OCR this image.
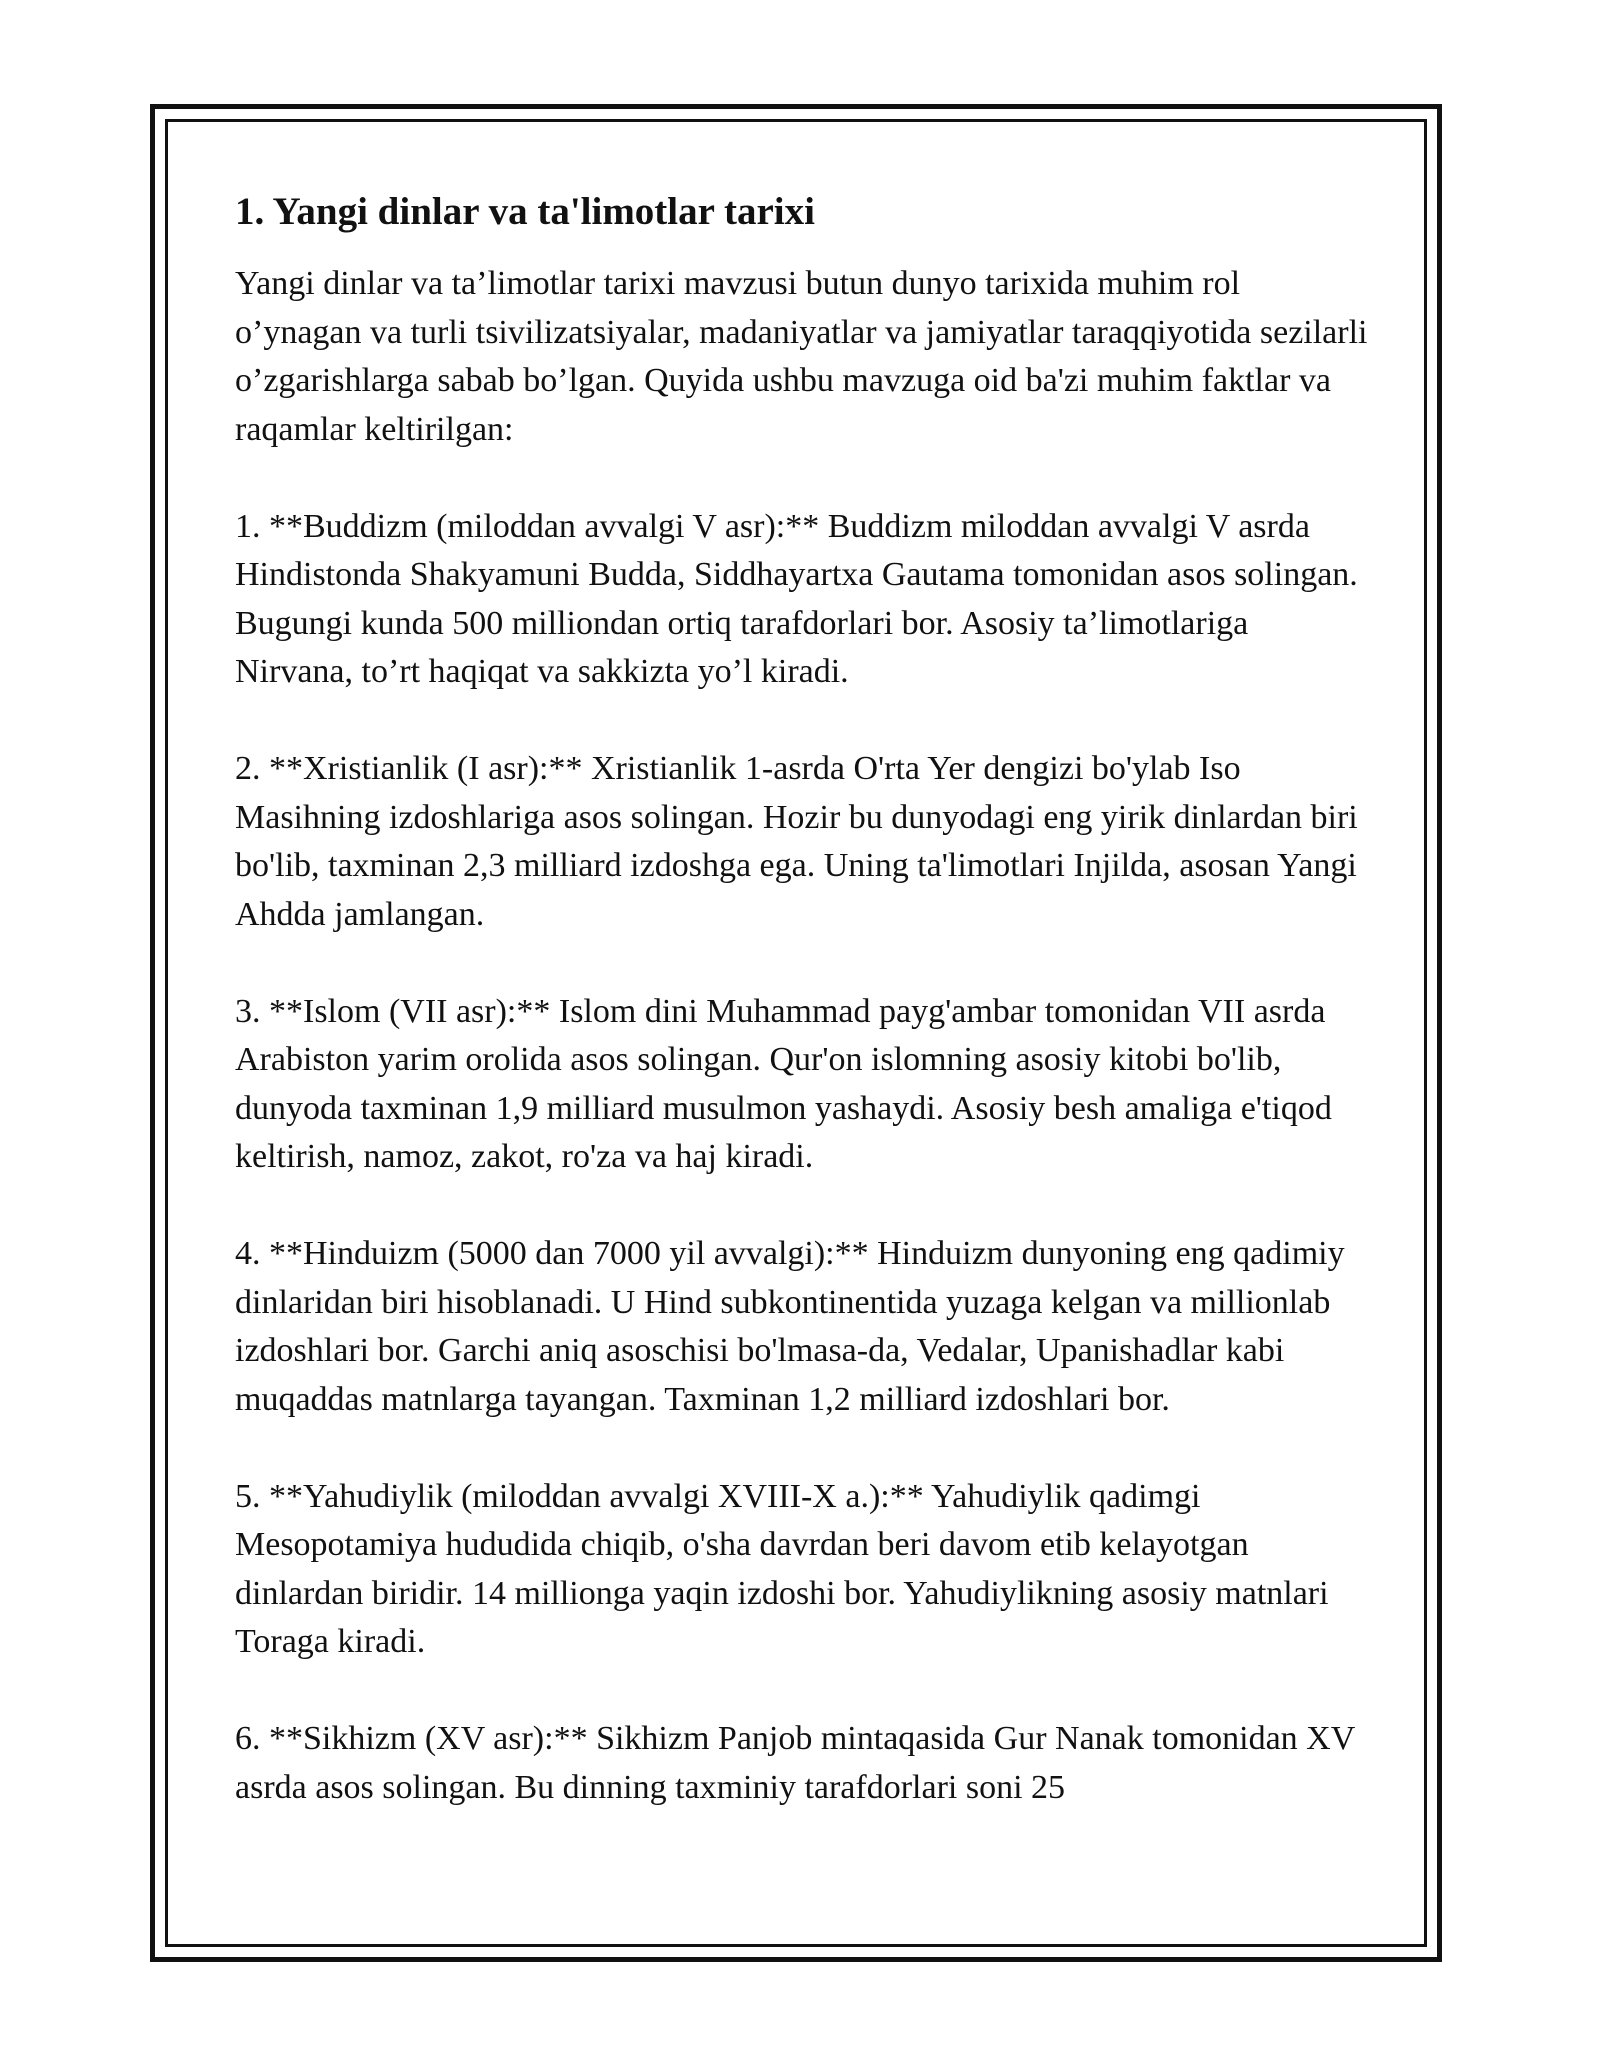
1. Yangi dinlar va ta'limotlar tarixi

Yangi dinlar va ta’limotlar tarixi mavzusi butun dunyo tarixida muhim rol o’ynagan va turli tsivilizatsiyalar, madaniyatlar va jamiyatlar taraqqiyotida sezilarli o’zgarishlarga sabab bo’lgan. Quyida ushbu mavzuga oid ba'zi muhim faktlar va raqamlar keltirilgan:

1. **Buddizm (miloddan avvalgi V asr):** Buddizm miloddan avvalgi V asrda Hindistonda Shakyamuni Budda, Siddhayartxa Gautama tomonidan asos solingan. Bugungi kunda 500 milliondan ortiq tarafdorlari bor. Asosiy ta’limotlariga Nirvana, to’rt haqiqat va sakkizta yo’l kiradi.

2. **Xristianlik (I asr):** Xristianlik 1-asrda O'rta Yer dengizi bo'ylab Iso Masihning izdoshlariga asos solingan. Hozir bu dunyodagi eng yirik dinlardan biri bo'lib, taxminan 2,3 milliard izdoshga ega. Uning ta'limotlari Injilda, asosan Yangi Ahdda jamlangan.

3. **Islom (VII asr):** Islom dini Muhammad payg'ambar tomonidan VII asrda Arabiston yarim orolida asos solingan. Qur'on islomning asosiy kitobi bo'lib, dunyoda taxminan 1,9 milliard musulmon yashaydi. Asosiy besh amaliga e'tiqod keltirish, namoz, zakot, ro'za va haj kiradi.

4. **Hinduizm (5000 dan 7000 yil avvalgi):** Hinduizm dunyoning eng qadimiy dinlaridan biri hisoblanadi. U Hind subkontinentida yuzaga kelgan va millionlab izdoshlari bor. Garchi aniq asoschisi bo'lmasa-da, Vedalar, Upanishadlar kabi muqaddas matnlarga tayangan. Taxminan 1,2 milliard izdoshlari bor.

5. **Yahudiylik (miloddan avvalgi XVIII-X a.):** Yahudiylik qadimgi Mesopotamiya hududida chiqib, o'sha davrdan beri davom etib kelayotgan dinlardan biridir. 14 millionga yaqin izdoshi bor. Yahudiylikning asosiy matnlari Toraga kiradi.

6. **Sikhizm (XV asr):** Sikhizm Panjob mintaqasida Gur Nanak tomonidan XV asrda asos solingan. Bu dinning taxminiy tarafdorlari soni 25
